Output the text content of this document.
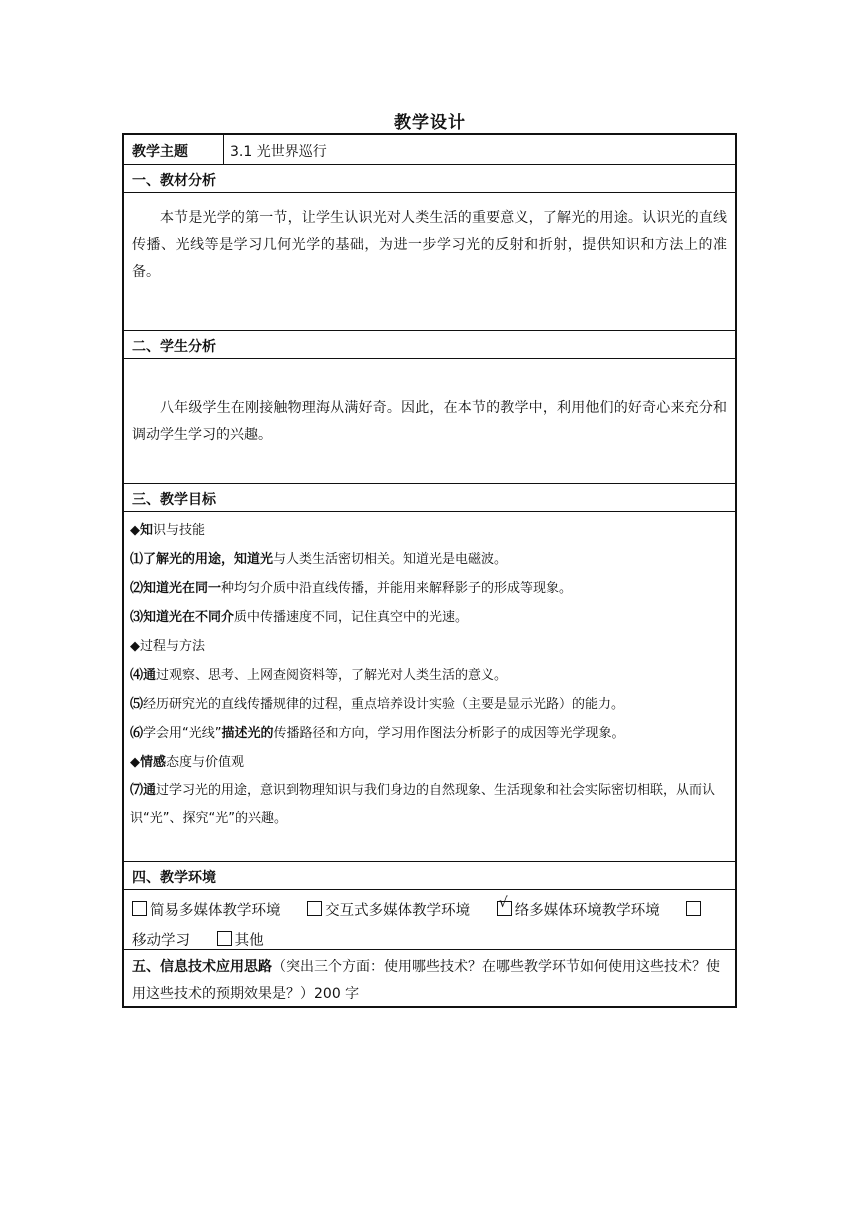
教学设计
教学主题	3.1 光世界巡行
一、教材分析
本节是光学的第一节，让学生认识光对人类生活的重要意义，了解光的用途。认识光的直线传播、光线等是学习几何光学的基础，为进一步学习光的反射和折射，提供知识和方法上的准备。
二、学生分析
八年级学生在刚接触物理海从满好奇。因此，在本节的教学中，利用他们的好奇心来充分和调动学生学习的兴趣。
三、教学目标
◆知识与技能
⑴了解光的用途，知道光与人类生活密切相关。知道光是电磁波。
⑵知道光在同一种均匀介质中沿直线传播，并能用来解释影子的形成等现象。
⑶知道光在不同介质中传播速度不同，记住真空中的光速。
◆过程与方法
⑷通过观察、思考、上网查阅资料等，了解光对人类生活的意义。
⑸经历研究光的直线传播规律的过程，重点培养设计实验（主要是显示光路）的能力。
⑹学会用“光线”描述光的传播路径和方向，学习用作图法分析影子的成因等光学现象。
◆情感态度与价值观
⑺通过学习光的用途，意识到物理知识与我们身边的自然现象、生活现象和社会实际密切相联，从而认识“光”、探究“光”的兴趣。
四、教学环境
简易多媒体教学环境	交互式多媒体教学环境 √ 络多媒体环境教学环境
移动学习	其他
五、信息技术应用思路（突出三个方面：使用哪些技术？在哪些教学环节如何使用这些技术？使用这些技术的预期效果是？）200 字
